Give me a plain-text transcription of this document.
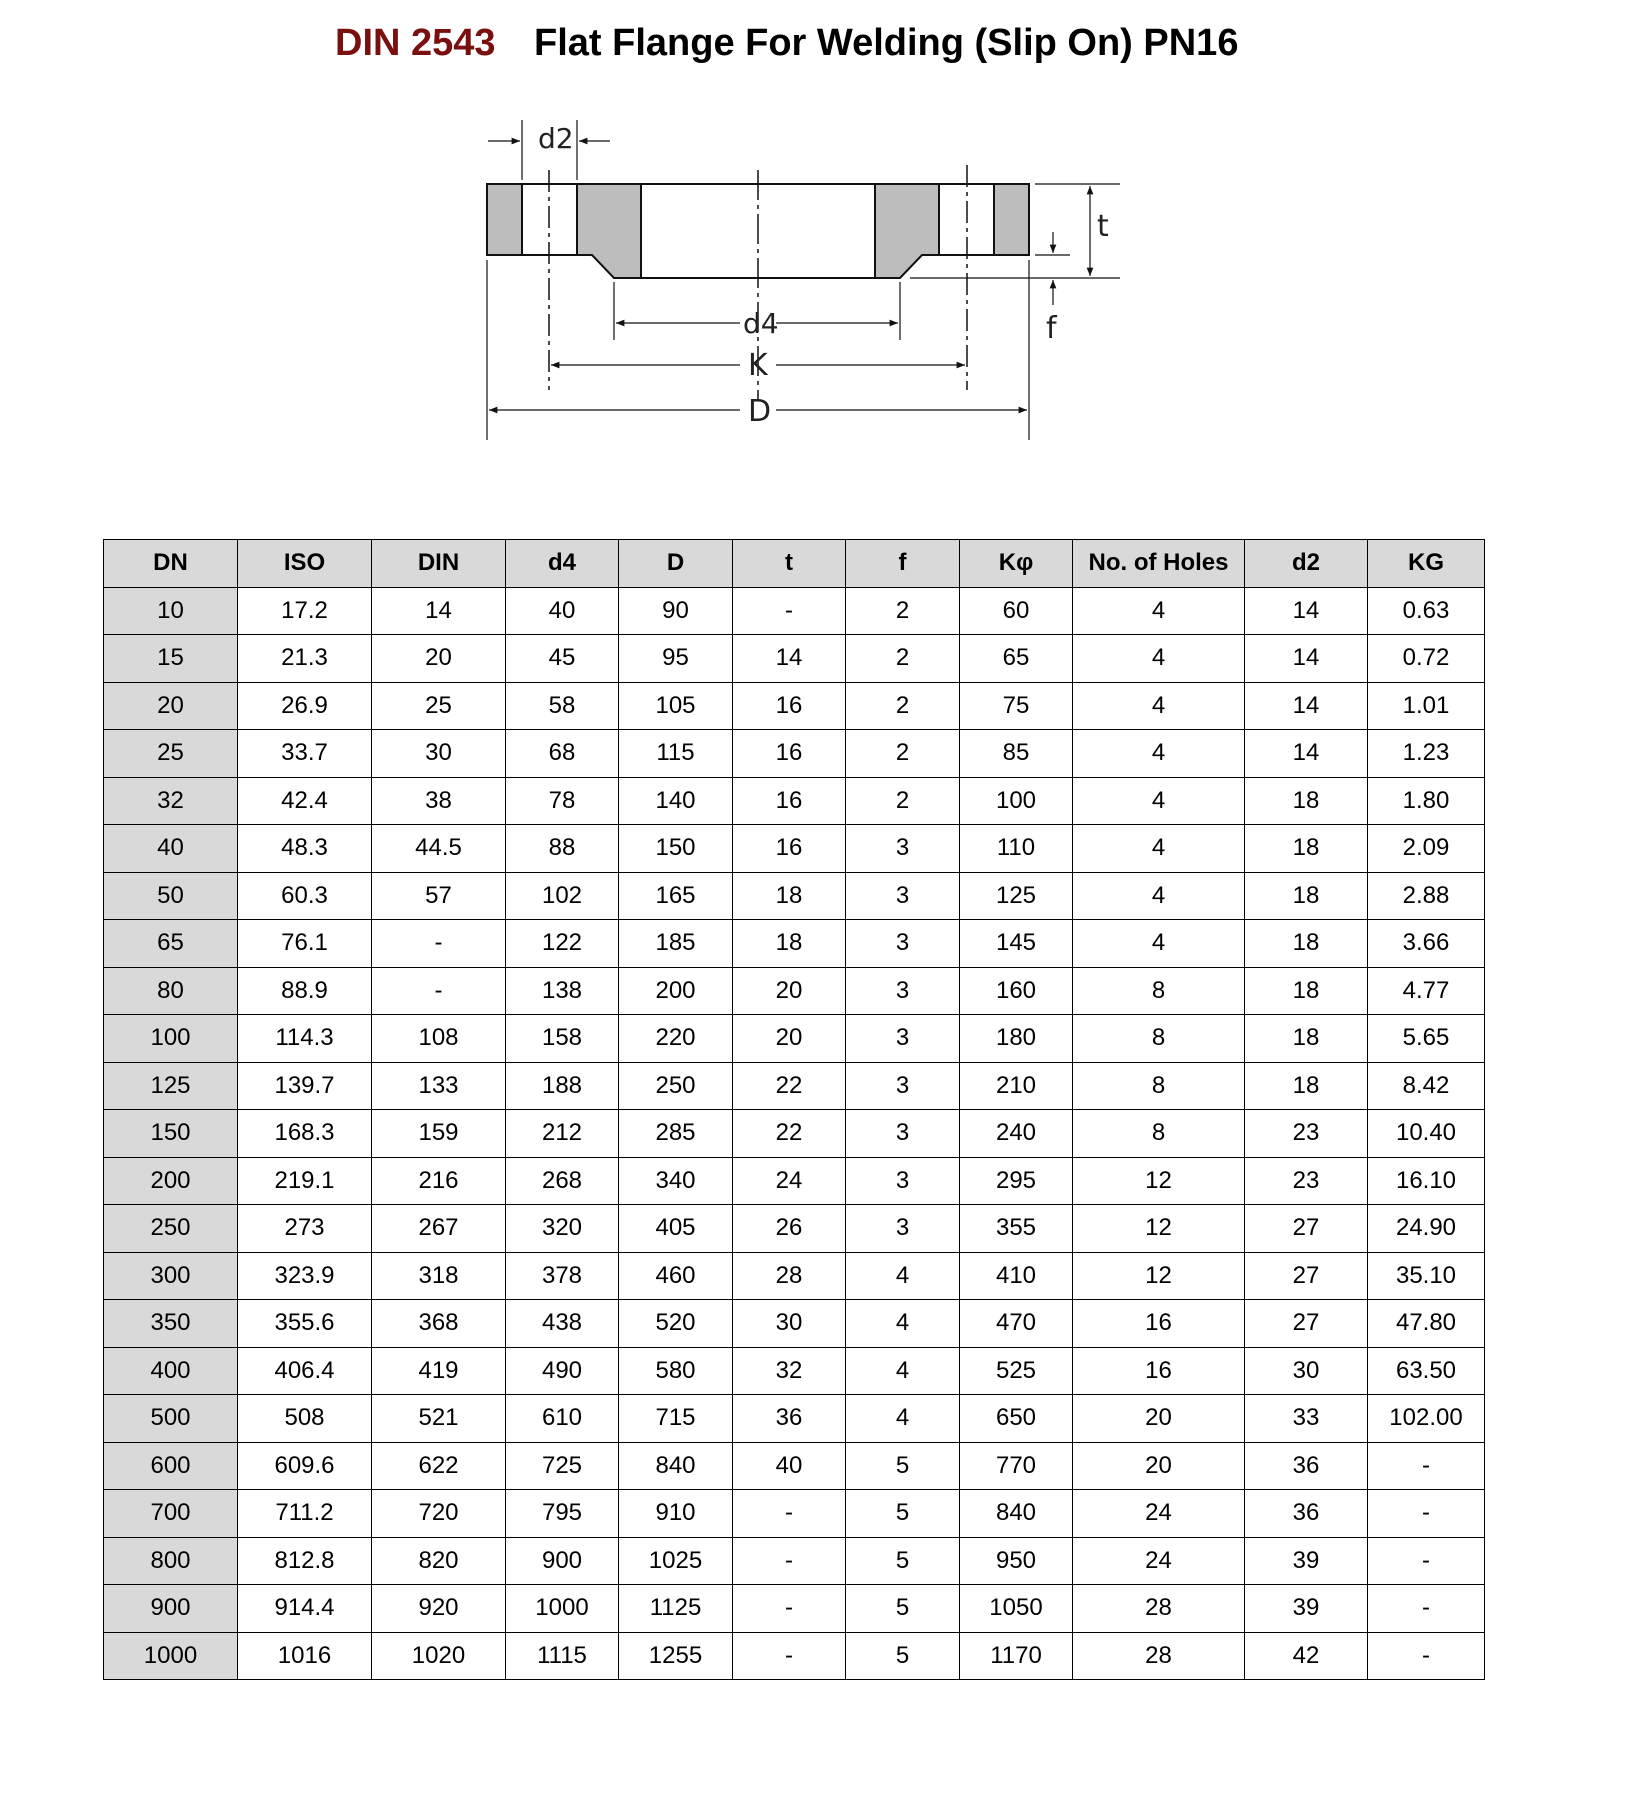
DIN 2543 Flat Flange For Welding (Slip On) PN16
d2
d4
K
D
t
f
DN	ISO	DIN	d4	D	t	f	Kφ	No. of Holes	d2	KG
10	17.2	14	40	90	-	2	60	4	14	0.63
15	21.3	20	45	95	14	2	65	4	14	0.72
20	26.9	25	58	105	16	2	75	4	14	1.01
25	33.7	30	68	115	16	2	85	4	14	1.23
32	42.4	38	78	140	16	2	100	4	18	1.80
40	48.3	44.5	88	150	16	3	110	4	18	2.09
50	60.3	57	102	165	18	3	125	4	18	2.88
65	76.1	-	122	185	18	3	145	4	18	3.66
80	88.9	-	138	200	20	3	160	8	18	4.77
100	114.3	108	158	220	20	3	180	8	18	5.65
125	139.7	133	188	250	22	3	210	8	18	8.42
150	168.3	159	212	285	22	3	240	8	23	10.40
200	219.1	216	268	340	24	3	295	12	23	16.10
250	273	267	320	405	26	3	355	12	27	24.90
300	323.9	318	378	460	28	4	410	12	27	35.10
350	355.6	368	438	520	30	4	470	16	27	47.80
400	406.4	419	490	580	32	4	525	16	30	63.50
500	508	521	610	715	36	4	650	20	33	102.00
600	609.6	622	725	840	40	5	770	20	36	-
700	711.2	720	795	910	-	5	840	24	36	-
800	812.8	820	900	1025	-	5	950	24	39	-
900	914.4	920	1000	1125	-	5	1050	28	39	-
1000	1016	1020	1115	1255	-	5	1170	28	42	-
